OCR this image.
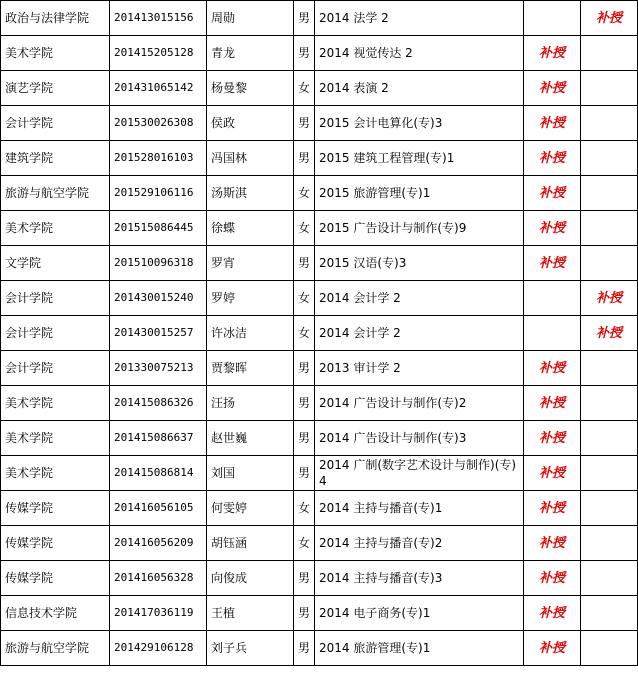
政治与法律学院	201413015156	周勋	男	2014 法学 2		补授
美术学院	201415205128	青龙	男	2014 视觉传达 2	补授	
演艺学院	201431065142	杨曼黎	女	2014 表演 2	补授	
会计学院	201530026308	侯政	男	2015 会计电算化(专)3	补授	
建筑学院	201528016103	冯国林	男	2015 建筑工程管理(专)1	补授	
旅游与航空学院	201529106116	汤斯淇	女	2015 旅游管理(专)1	补授	
美术学院	201515086445	徐蝶	女	2015 广告设计与制作(专)9	补授	
文学院	201510096318	罗宵	男	2015 汉语(专)3	补授	
会计学院	201430015240	罗婷	女	2014 会计学 2		补授
会计学院	201430015257	许冰洁	女	2014 会计学 2		补授
会计学院	201330075213	贾黎晖	男	2013 审计学 2	补授	
美术学院	201415086326	汪扬	男	2014 广告设计与制作(专)2	补授	
美术学院	201415086637	赵世巍	男	2014 广告设计与制作(专)3	补授	
美术学院	201415086814	刘国	男	2014 广制(数字艺术设计与制作)(专)4	补授	
传媒学院	201416056105	何雯婷	女	2014 主持与播音(专)1	补授	
传媒学院	201416056209	胡钰涵	女	2014 主持与播音(专)2	补授	
传媒学院	201416056328	向俊成	男	2014 主持与播音(专)3	补授	
信息技术学院	201417036119	王植	男	2014 电子商务(专)1	补授	
旅游与航空学院	201429106128	刘子兵	男	2014 旅游管理(专)1	补授	
